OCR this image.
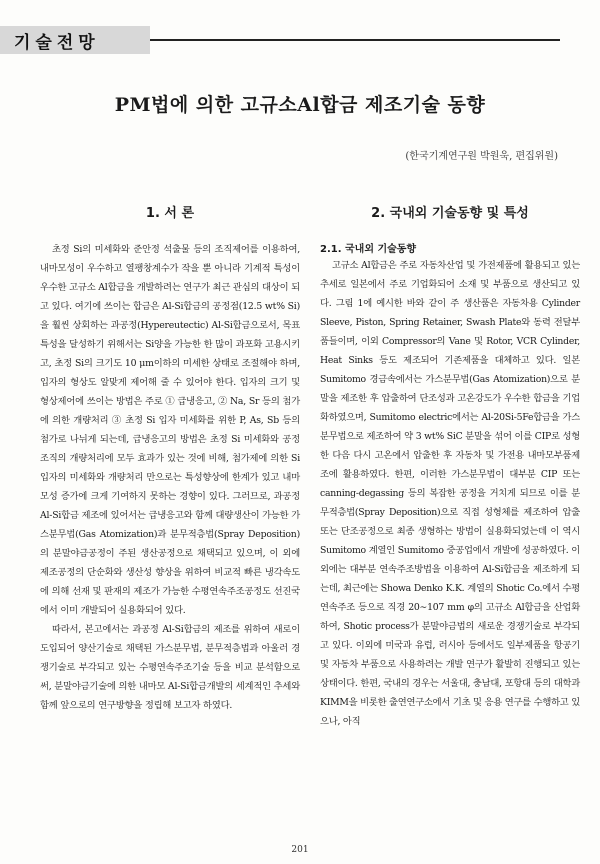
기술전망
PM법에 의한 고규소Al합금 제조기술 동향
(한국기계연구원 박원욱, 편집위원)
1. 서 론

초정 Si의 미세화와 준안정 석출물 등의 조직제어를 이용하여, 내마모성이 우수하고 열팽창계수가 작을 뿐 아니라 기계적 특성이 우수한 고규소 Al합금을 개발하려는 연구가 최근 관심의 대상이 되고 있다. 여기에 쓰이는 합금은 Al-Si합금의 공정점(12.5 wt% Si)을 훨씬 상회하는 과공정(Hypereutectic) Al-Si합금으로서, 목표특성을 달성하기 위해서는 Si양을 가능한 한 많이 과포화 고용시키고, 초정 Si의 크기도 10 μm이하의 미세한 상태로 조절해야 하며, 입자의 형상도 알맞게 제어해 줄 수 있어야 한다. 입자의 크기 및 형상제어에 쓰이는 방법은 주로 ① 급냉응고, ② Na, Sr 등의 첨가에 의한 개량처리 ③ 초정 Si 입자 미세화를 위한 P, As, Sb 등의 첨가로 나뉘게 되는데, 급냉응고의 방법은 초정 Si 미세화와 공정조직의 개량처리에 모두 효과가 있는 것에 비해, 첨가제에 의한 Si입자의 미세화와 개량처리 만으로는 특성향상에 한계가 있고 내마모성 증가에 크게 기여하지 못하는 경향이 있다. 그러므로, 과공정 Al-Si합금 제조에 있어서는 급냉응고와 함께 대량생산이 가능한 가스분무법(Gas Atomization)과 분무적층법(Spray Deposition)의 분말야금공정이 주된 생산공정으로 채택되고 있으며, 이 외에 제조공정의 단순화와 생산성 향상을 위하여 비교적 빠른 냉각속도에 의해 선재 및 판재의 제조가 가능한 수평연속주조공정도 선진국에서 이미 개발되어 실용화되어 있다.

따라서, 본고에서는 과공정 Al-Si합금의 제조를 위하여 새로이 도입되어 양산기술로 채택된 가스분무법, 분무적층법과 아울러 경쟁기술로 부각되고 있는 수평연속주조기술 등을 비교 분석함으로써, 분말야금기술에 의한 내마모 Al-Si합금개발의 세계적인 추세와 함께 앞으로의 연구방향을 정립해 보고자 하였다.

2. 국내외 기술동향 및 특성
2.1. 국내외 기술동향

고규소 Al합금은 주로 자동차산업 및 가전제품에 활용되고 있는 추세로 일본에서 주로 기업화되어 소재 및 부품으로 생산되고 있다. 그림 1에 예시한 바와 같이 주 생산품은 자동차용 Cylinder Sleeve, Piston, Spring Retainer, Swash Plate와 동력 전달부품들이며, 이외 Compressor의 Vane 및 Rotor, VCR Cylinder, Heat Sinks 등도 제조되어 기존제품을 대체하고 있다. 일본 Sumitomo 경금속에서는 가스분무법(Gas Atomization)으로 분말을 제조한 후 압출하여 단조성과 고온강도가 우수한 합금을 기업화하였으며, Sumitomo electric에서는 Al-20Si-5Fe합금을 가스분무법으로 제조하여 약 3 wt% SiC 분말을 섞어 이를 CIP로 성형한 다음 다시 고온에서 압출한 후 자동차 및 가전용 내마모부품제조에 활용하였다. 한편, 이러한 가스분무법이 대부분 CIP 또는 canning-degassing 등의 복잡한 공정을 거치게 되므로 이를 분무적층법(Spray Deposition)으로 직접 성형체를 제조하여 압출 또는 단조공정으로 최종 생형하는 방법이 실용화되었는데 이 역시 Sumitomo 계열인 Sumitomo 중공업에서 개발에 성공하였다. 이외에는 대부분 연속주조방법을 이용하여 Al-Si합금을 제조하게 되는데, 최근에는 Showa Denko K.K. 계열의 Shotic Co.에서 수평연속주조 등으로 직경 20∼107 mm φ의 고규소 Al합금을 산업화하여, Shotic process가 분말야금법의 새로운 경쟁기술로 부각되고 있다. 이외에 미국과 유럽, 러시아 등에서도 일부제품을 항공기 및 자동차 부품으로 사용하려는 개발 연구가 활발히 진행되고 있는 상태이다. 한편, 국내의 경우는 서울대, 충남대, 포항대 등의 대학과 KIMM을 비롯한 출연연구소에서 기초 및 응용 연구를 수행하고 있으나, 아직

201
